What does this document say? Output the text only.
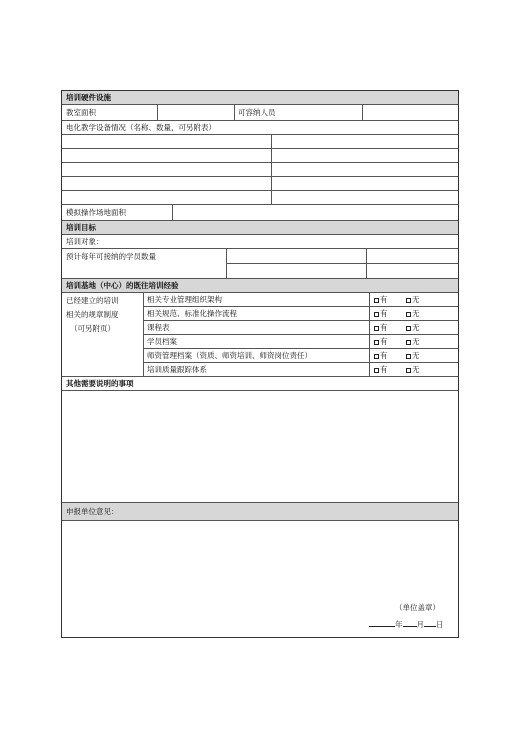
培训硬件设施
教室面积	可容纳人员
电化教学设备情况（名称、数量，可另附表）
模拟操作场地面积
培训目标
培训对象：
预计每年可接纳的学员数量
培训基地（中心）的既往培训经验
已经建立的培训
相关的规章制度
（可另附页）
相关专业管理组织架构	有	无
相关规范、标准化操作流程	有	无
课程表	有	无
学员档案	有	无
师资管理档案（资质、师资培训、师资岗位责任）	有	无
培训质量跟踪体系	有	无
其他需要说明的事项
申报单位意见：
（单位盖章）
年 月 日
